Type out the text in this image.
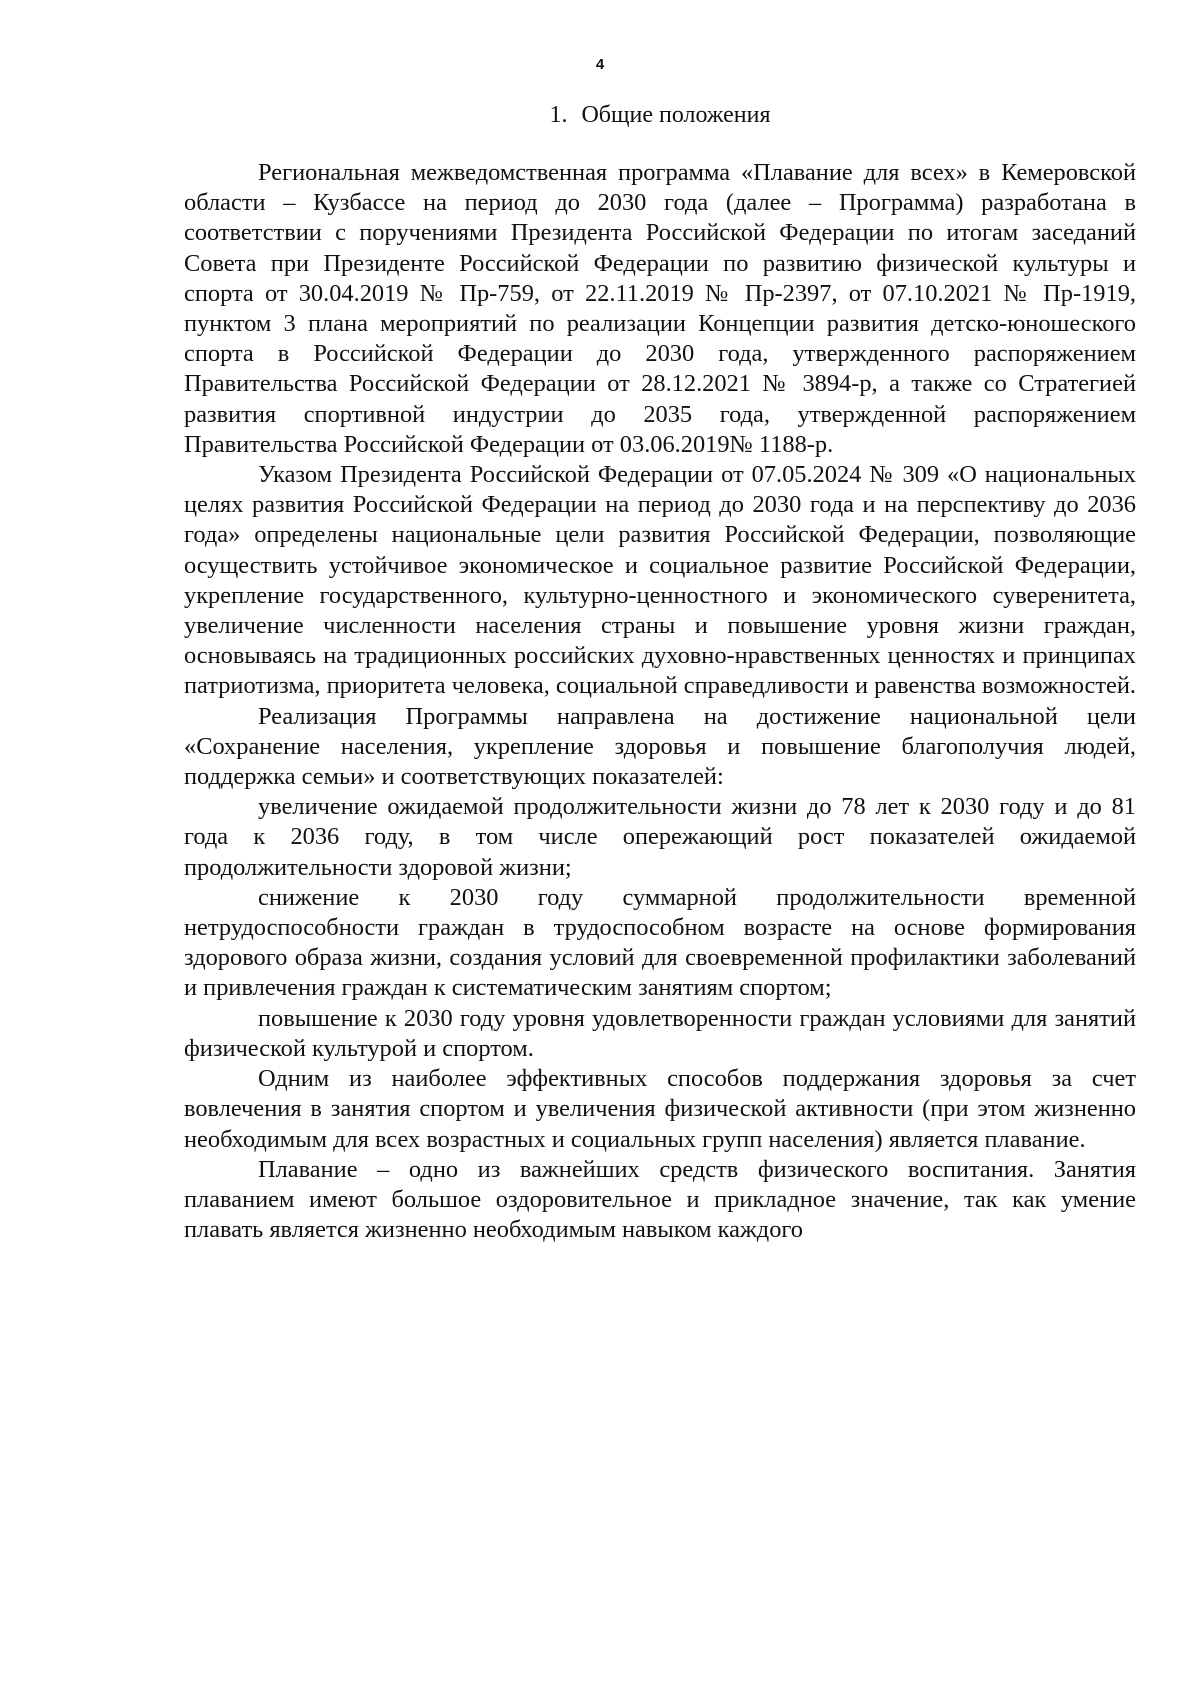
4
1. Общие положения

Региональная межведомственная программа «Плавание для всех» в Кемеровской области – Кузбассе на период до 2030 года (далее – Программа) разработана в соответствии с поручениями Президента Российской Федерации по итогам заседаний Совета при Президенте Российской Федерации по развитию физической культуры и спорта от 30.04.2019 № Пр-759, от 22.11.2019 № Пр-2397, от 07.10.2021 № Пр-1919, пунктом 3 плана мероприятий по реализации Концепции развития детско-юношеского спорта в Российской Федерации до 2030 года, утвержденного распоряжением Правительства Российской Федерации от 28.12.2021 № 3894-р, а также со Стратегией развития спортивной индустрии до 2035 года, утвержденной распоряжением Правительства Российской Федерации от 03.06.2019№ 1188-р.

Указом Президента Российской Федерации от 07.05.2024 № 309 «О национальных целях развития Российской Федерации на период до 2030 года и на перспективу до 2036 года» определены национальные цели развития Российской Федерации, позволяющие осуществить устойчивое экономическое и социальное развитие Российской Федерации, укрепление государственного, культурно-ценностного и экономического суверенитета, увеличение численности населения страны и повышение уровня жизни граждан, основываясь на традиционных российских духовно-нравственных ценностях и принципах патриотизма, приоритета человека, социальной справедливости и равенства возможностей.

Реализация Программы направлена на достижение национальной цели «Сохранение населения, укрепление здоровья и повышение благополучия людей, поддержка семьи» и соответствующих показателей:

увеличение ожидаемой продолжительности жизни до 78 лет к 2030 году и до 81 года к 2036 году, в том числе опережающий рост показателей ожидаемой продолжительности здоровой жизни;

снижение к 2030 году суммарной продолжительности временной нетрудоспособности граждан в трудоспособном возрасте на основе формирования здорового образа жизни, создания условий для своевременной профилактики заболеваний и привлечения граждан к систематическим занятиям спортом;

повышение к 2030 году уровня удовлетворенности граждан условиями для занятий физической культурой и спортом.

Одним из наиболее эффективных способов поддержания здоровья за счет вовлечения в занятия спортом и увеличения физической активности (при этом жизненно необходимым для всех возрастных и социальных групп населения) является плавание.

Плавание – одно из важнейших средств физического воспитания. Занятия плаванием имеют большое оздоровительное и прикладное значение, так как умение плавать является жизненно необходимым навыком каждого
